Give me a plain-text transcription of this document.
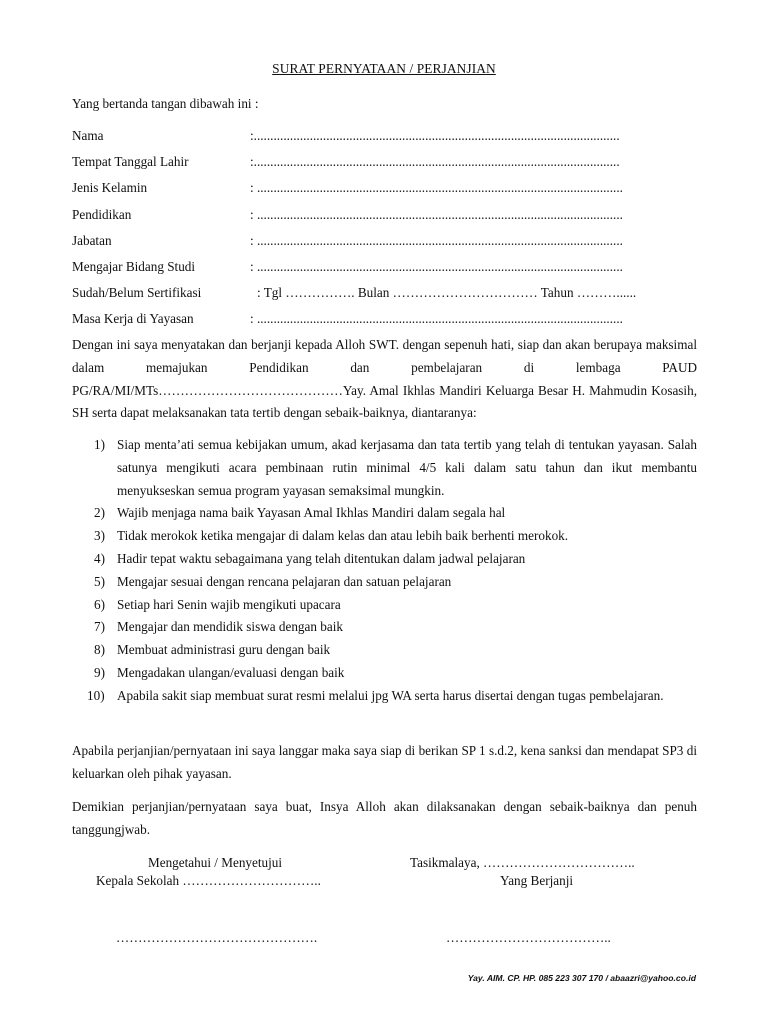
SURAT PERNYATAAN / PERJANJIAN
Yang bertanda tangan dibawah ini :
Nama	:...............................................................................................................
Tempat Tanggal Lahir	:...............................................................................................................
Jenis Kelamin	: ...............................................................................................................
Pendidikan	: ...............................................................................................................
Jabatan	: ...............................................................................................................
Mengajar Bidang Studi	: ...............................................................................................................
Sudah/Belum Sertifikasi	: Tgl ……………. Bulan …………………………… Tahun ………......
Masa Kerja di Yayasan	: ...............................................................................................................
Dengan ini saya menyatakan dan berjanji kepada Alloh SWT. dengan sepenuh hati, siap dan akan berupaya maksimal dalam memajukan Pendidikan dan pembelajaran di lembaga PAUD PG/RA/MI/MTs……………………………………Yay. Amal Ikhlas Mandiri Keluarga Besar H. Mahmudin Kosasih, SH serta dapat melaksanakan tata tertib dengan sebaik-baiknya, diantaranya:
1) Siap menta’ati semua kebijakan umum, akad kerjasama dan tata tertib yang telah di tentukan yayasan. Salah satunya mengikuti acara pembinaan rutin minimal 4/5 kali dalam satu tahun dan ikut membantu menyukseskan semua program yayasan semaksimal mungkin.
2) Wajib menjaga nama baik Yayasan Amal Ikhlas Mandiri dalam segala hal
3) Tidak merokok ketika mengajar di dalam kelas dan atau lebih baik berhenti merokok.
4) Hadir tepat waktu sebagaimana yang telah ditentukan dalam jadwal pelajaran
5) Mengajar sesuai dengan rencana pelajaran dan satuan pelajaran
6) Setiap hari Senin wajib mengikuti upacara
7) Mengajar dan mendidik siswa dengan baik
8) Membuat administrasi guru dengan baik
9) Mengadakan ulangan/evaluasi dengan baik
10) Apabila sakit siap membuat surat resmi melalui jpg WA serta harus disertai dengan tugas pembelajaran.
Apabila perjanjian/pernyataan ini saya langgar maka saya siap di berikan SP 1 s.d.2, kena sanksi dan mendapat SP3 di keluarkan oleh pihak yayasan.
Demikian perjanjian/pernyataan saya buat, Insya Alloh akan dilaksanakan dengan sebaik-baiknya dan penuh tanggungjwab.
Mengetahui / Menyetujui
Kepala Sekolah …………………………..
Tasikmalaya, ……………………………..
Yang Berjanji
……………………………………….	………………………………..
Yay. AIM. CP. HP. 085 223 307 170 / abaazri@yahoo.co.id
